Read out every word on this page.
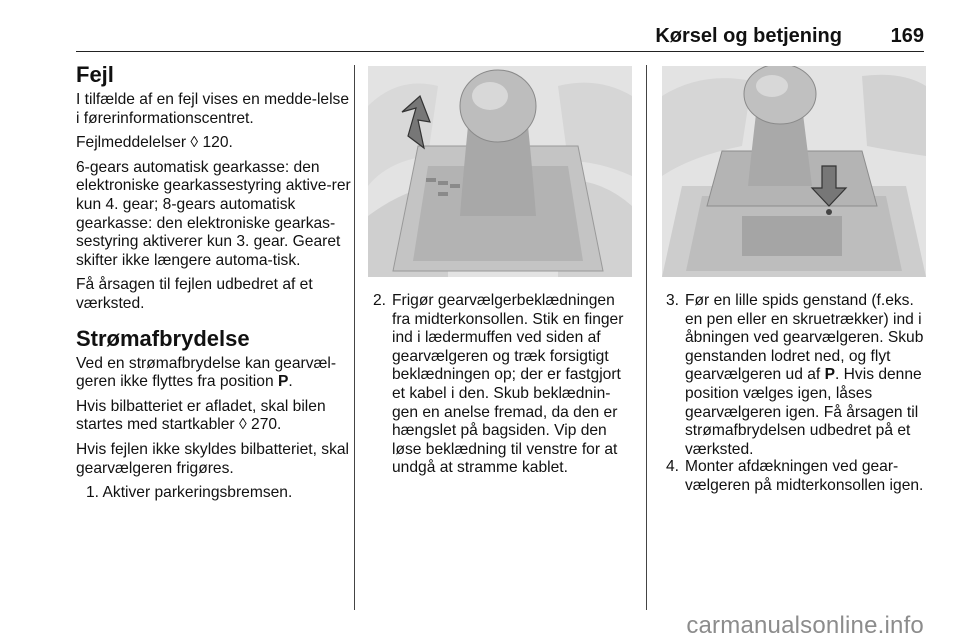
Kørsel og betjening 169
Fejl

I tilfælde af en fejl vises en medde-lelse i førerinformationscentret.

Fejlmeddelelser ◊ 120.

6-gears automatisk gearkasse: den elektroniske gearkassestyring aktive-rer kun 4. gear; 8-gears automatisk gearkasse: den elektroniske gearkas-sestyring aktiverer kun 3. gear. Gearet skifter ikke længere automa-tisk.

Få årsagen til fejlen udbedret af et værksted.

Strømafbrydelse

Ved en strømafbrydelse kan gearvæl-geren ikke flyttes fra position P.

Hvis bilbatteriet er afladet, skal bilen startes med startkabler ◊ 270.

Hvis fejlen ikke skyldes bilbatteriet, skal gearvælgeren frigøres.

1. Aktiver parkeringsbremsen.

2. Frigør gearvælgerbeklædningen fra midterkonsollen. Stik en finger ind i lædermuffen ved siden af gearvælgeren og træk forsigtigt beklædningen op; der er fastgjort et kabel i den. Skub beklædnin-gen en anelse fremad, da den er hængslet på bagsiden. Vip den løse beklædning til venstre for at undgå at stramme kablet.
3. Før en lille spids genstand (f.eks. en pen eller en skruetrækker) ind i åbningen ved gearvælgeren. Skub genstanden lodret ned, og flyt gearvælgeren ud af P. Hvis denne position vælges igen, låses gearvælgeren igen. Få årsagen til strømafbrydelsen udbedret på et værksted.
4. Monter afdækningen ved gear-vælgeren på midterkonsollen igen.
carmanualsonline.info
